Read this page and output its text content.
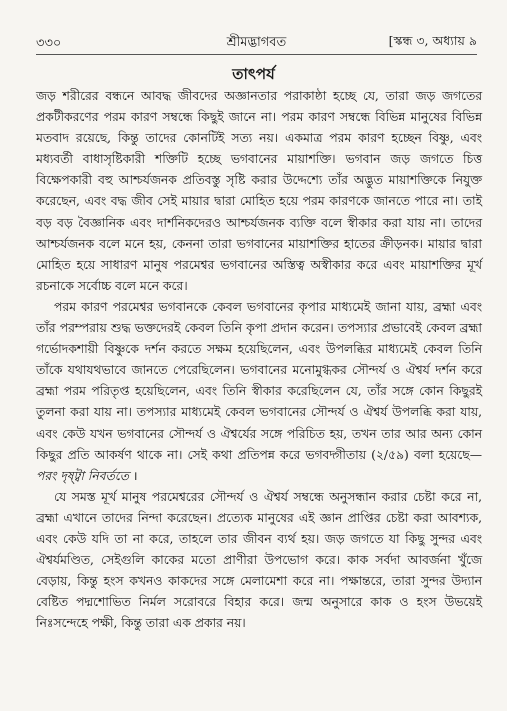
৩৩০	শ্রীমদ্ভাগবত	[স্কন্ধ ৩, অধ্যায় ৯
তাৎপর্য

জড় শরীরের বন্ধনে আবদ্ধ জীবদের অজ্ঞানতার পরাকাষ্ঠা হচ্ছে যে, তারা জড় জগতের প্রকটীকরণের পরম কারণ সম্বন্ধে কিছুই জানে না। পরম কারণ সম্বন্ধে বিভিন্ন মানুষের বিভিন্ন মতবাদ রয়েছে, কিন্তু তাদের কোনটিই সত্য নয়। একমাত্র পরম কারণ হচ্ছেন বিষ্ণু, এবং মধ্যবর্তী বাধাসৃষ্টিকারী শক্তিটি হচ্ছে ভগবানের মায়াশক্তি। ভগবান জড় জগতে চিত্ত বিক্ষেপকারী বহু আশ্চর্যজনক প্রতিবস্তু সৃষ্টি করার উদ্দেশ্যে তাঁর অদ্ভুত মায়াশক্তিকে নিযুক্ত করেছেন, এবং বদ্ধ জীব সেই মায়ার দ্বারা মোহিত হয়ে পরম কারণকে জানতে পারে না। তাই বড় বড় বৈজ্ঞানিক এবং দার্শনিকদেরও আশ্চর্যজনক ব্যক্তি বলে স্বীকার করা যায় না। তাদের আশ্চর্যজনক বলে মনে হয়, কেননা তারা ভগবানের মায়াশক্তির হাতের ক্রীড়নক। মায়ার দ্বারা মোহিত হয়ে সাধারণ মানুষ পরমেশ্বর ভগবানের অস্তিত্ব অস্বীকার করে এবং মায়াশক্তির মূর্খ রচনাকে সর্বোচ্চ বলে মনে করে।

পরম কারণ পরমেশ্বর ভগবানকে কেবল ভগবানের কৃপার মাধ্যমেই জানা যায়, ব্রহ্মা এবং তাঁর পরম্পরায় শুদ্ধ ভক্তদেরই কেবল তিনি কৃপা প্রদান করেন। তপস্যার প্রভাবেই কেবল ব্রহ্মা গর্ভোদকশায়ী বিষ্ণুকে দর্শন করতে সক্ষম হয়েছিলেন, এবং উপলব্ধির মাধ্যমেই কেবল তিনি তাঁকে যথাযথভাবে জানতে পেরেছিলেন। ভগবানের মনোমুগ্ধকর সৌন্দর্য ও ঐশ্বর্য দর্শন করে ব্রহ্মা পরম পরিতৃপ্ত হয়েছিলেন, এবং তিনি স্বীকার করেছিলেন যে, তাঁর সঙ্গে কোন কিছুরই তুলনা করা যায় না। তপস্যার মাধ্যমেই কেবল ভগবানের সৌন্দর্য ও ঐশ্বর্য উপলব্ধি করা যায়, এবং কেউ যখন ভগবানের সৌন্দর্য ও ঐশ্বর্যের সঙ্গে পরিচিত হয়, তখন তার আর অন্য কোন কিছুর প্রতি আকর্ষণ থাকে না। সেই কথা প্রতিপন্ন করে ভগবদ্গীতায় (২/৫৯) বলা হয়েছে—পরং দৃষ্ট্বা নিবর্ততে ।

যে সমস্ত মূর্খ মানুষ পরমেশ্বরের সৌন্দর্য ও ঐশ্বর্য সম্বন্ধে অনুসন্ধান করার চেষ্টা করে না, ব্রহ্মা এখানে তাদের নিন্দা করেছেন। প্রত্যেক মানুষের এই জ্ঞান প্রাপ্তির চেষ্টা করা আবশ্যক, এবং কেউ যদি তা না করে, তাহলে তার জীবন ব্যর্থ হয়। জড় জগতে যা কিছু সুন্দর এবং ঐশ্বর্যমণ্ডিত, সেইগুলি কাকের মতো প্রাণীরা উপভোগ করে। কাক সর্বদা আবর্জনা খুঁজে বেড়ায়, কিন্তু হংস কখনও কাকদের সঙ্গে মেলামেশা করে না। পক্ষান্তরে, তারা সুন্দর উদ্যান বেষ্টিত পদ্মশোভিত নির্মল সরোবরে বিহার করে। জন্ম অনুসারে কাক ও হংস উভয়েই নিঃসন্দেহে পক্ষী, কিন্তু তারা এক প্রকার নয়।
